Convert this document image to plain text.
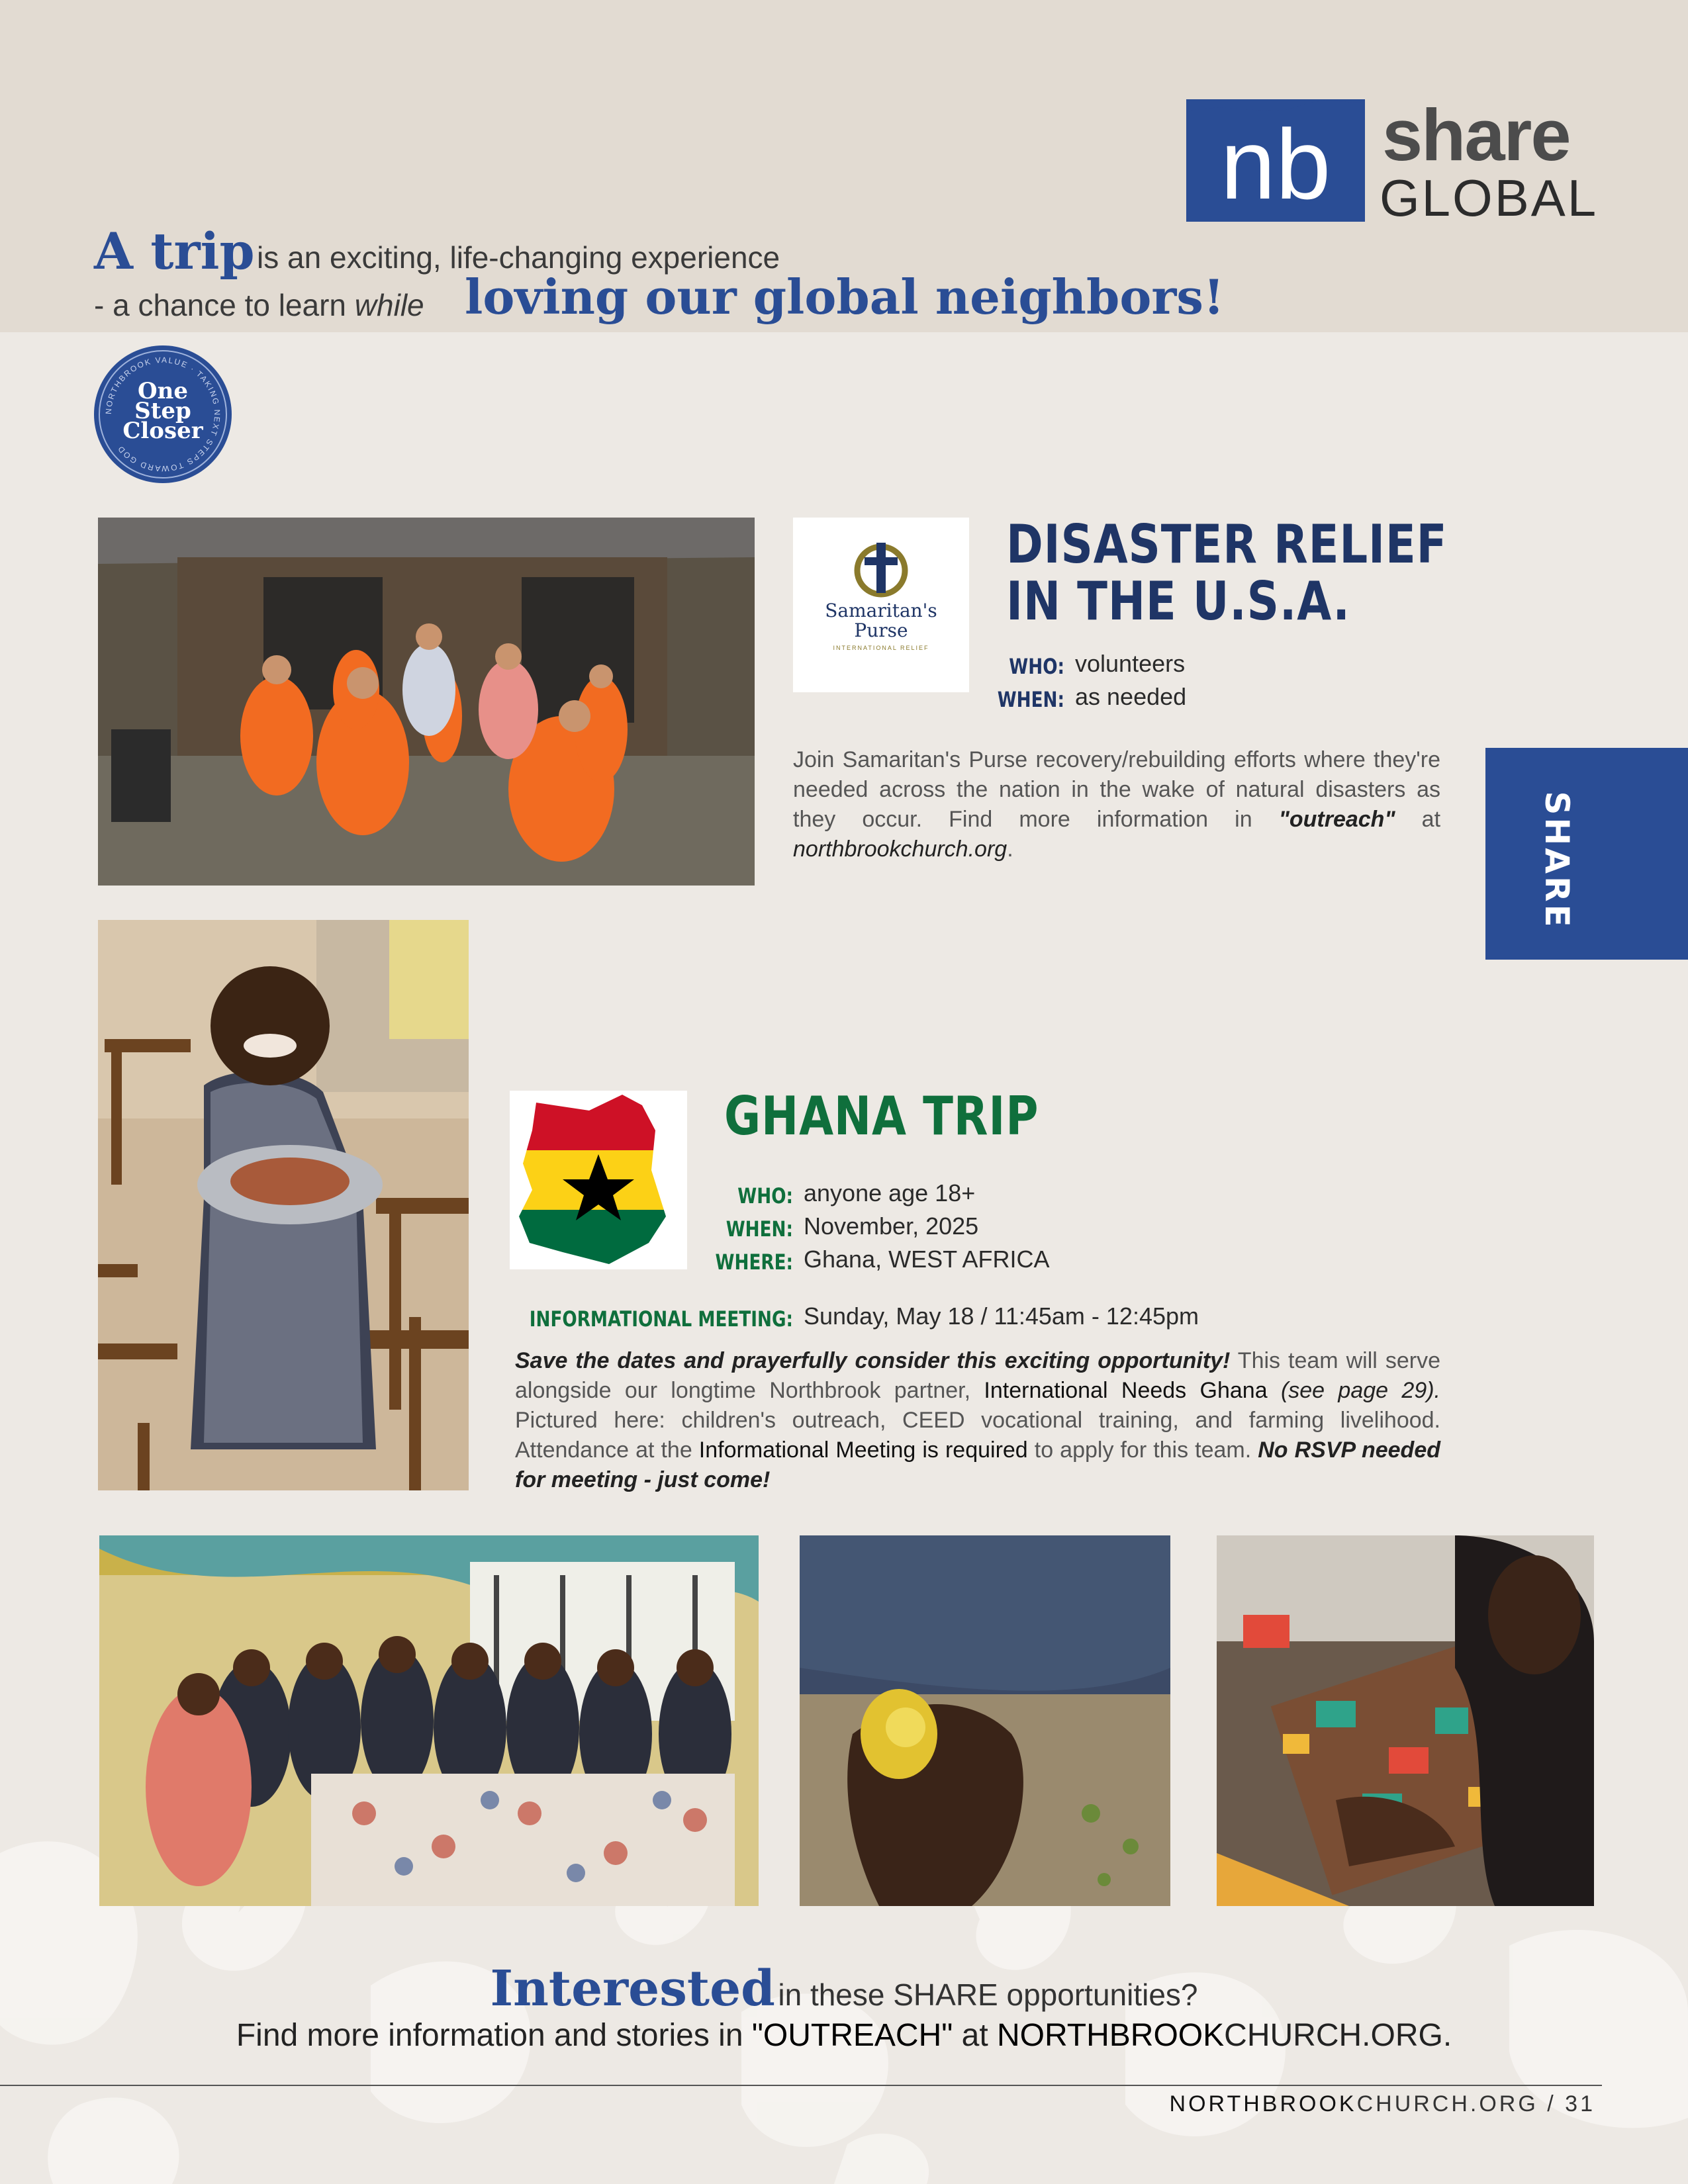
nb share
GLOBAL
A trip is an exciting, life-changing experience
- a chance to learn while loving our global neighbors!
NORTHBROOK VALUE · TAKING NEXT STEPS TOWARD GOD
One
Step
Closer
Samaritan's
Purse
INTERNATIONAL RELIEF
DISASTER RELIEF
IN THE U.S.A.
WHO: volunteers
WHEN: as needed
Join Samaritan's Purse recovery/rebuilding efforts where they're needed across the nation in the wake of natural disasters as they occur. Find more information in "outreach" at northbrookchurch.org.	SHARE
GHANA TRIP
WHO: anyone age 18+
WHEN: November, 2025
WHERE: Ghana, WEST AFRICA
INFORMATIONAL MEETING: Sunday, May 18 / 11:45am - 12:45pm
Save the dates and prayerfully consider this exciting opportunity! This team will serve alongside our longtime Northbrook partner, International Needs Ghana (see page 29). Pictured here: children's outreach, CEED vocational training, and farming livelihood. Attendance at the Informational Meeting is required to apply for this team. No RSVP needed for meeting - just come!
Interested in these SHARE opportunities?
Find more information and stories in "OUTREACH" at NORTHBROOKCHURCH.ORG.
NORTHBROOKCHURCH.ORG / 31
